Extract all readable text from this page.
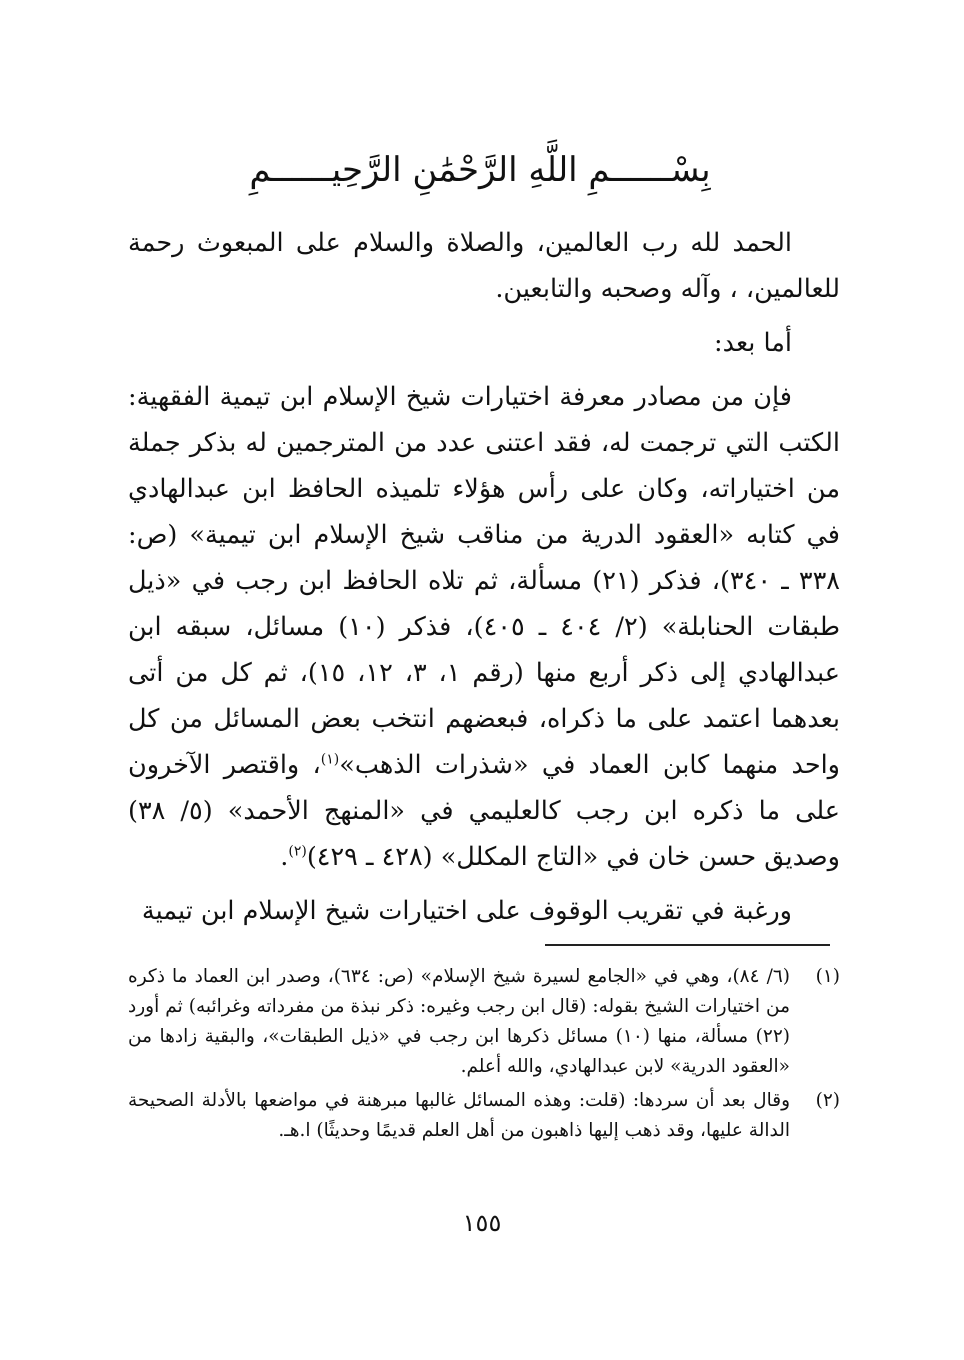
بِسْــــــمِ اللَّهِ الرَّحْمَٰنِ الرَّحِيــــــمِ

الحمد لله رب العالمين، والصلاة والسلام على المبعوث رحمة للعالمين، ، وآله وصحبه والتابعين.

أما بعد:

فإن من مصادر معرفة اختيارات شيخ الإسلام ابن تيمية الفقهية: الكتب التي ترجمت له، فقد اعتنى عدد من المترجمين له بذكر جملة من اختياراته، وكان على رأس هؤلاء تلميذه الحافظ ابن عبدالهادي في كتابه «العقود الدرية من مناقب شيخ الإسلام ابن تيمية» (ص: ٣٣٨ ـ ٣٤٠)، فذكر (٢١) مسألة، ثم تلاه الحافظ ابن رجب في «ذيل طبقات الحنابلة» (٢/ ٤٠٤ ـ ٤٠٥)، فذكر (١٠) مسائل، سبقه ابن عبدالهادي إلى ذكر أربع منها (رقم ١، ٣، ١٢، ١٥)، ثم كل من أتى بعدهما اعتمد على ما ذكراه، فبعضهم انتخب بعض المسائل من كل واحد منهما كابن العماد في «شذرات الذهب»$^{(١)}$، واقتصر الآخرون على ما ذكره ابن رجب كالعليمي في «المنهج الأحمد» (٥/ ٣٨) وصديق حسن خان في «التاج المكلل» (٤٢٨ ـ ٤٢٩)$^{(٢)}$.

ورغبة في تقريب الوقوف على اختيارات شيخ الإسلام ابن تيمية

(١)
(٦/ ٨٤)، وهي في «الجامع لسيرة شيخ الإسلام» (ص: ٦٣٤)، وصدر ابن العماد ما ذكره من اختيارات الشيخ بقوله: (قال ابن رجب وغيره: ذكر نبذة من مفرداته وغرائبه) ثم أورد (٢٢) مسألة، منها (١٠) مسائل ذكرها ابن رجب في «ذيل الطبقات»، والبقية زادها من «العقود الدرية» لابن عبدالهادي، والله أعلم.
(٢)
وقال بعد أن سردها: (قلت: وهذه المسائل غالبها مبرهنة في مواضعها بالأدلة الصحيحة الدالة عليها، وقد ذهب إليها ذاهبون من أهل العلم قديمًا وحديثًا) ا.هـ.
١٥٥
